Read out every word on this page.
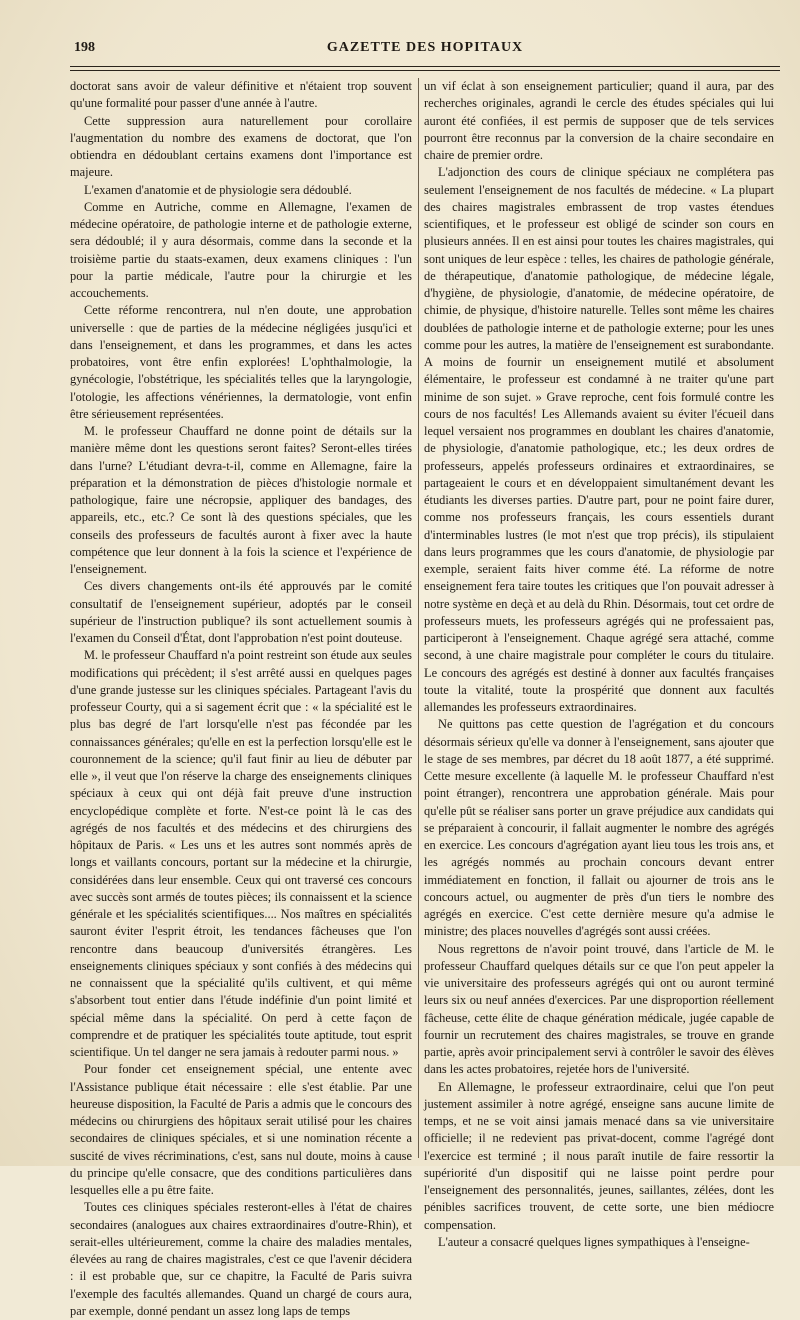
198	GAZETTE DES HOPITAUX

doctorat sans avoir de valeur définitive et n'étaient trop souvent qu'une formalité pour passer d'une année à l'autre.

Cette suppression aura naturellement pour corollaire l'augmentation du nombre des examens de doctorat, que l'on obtiendra en dédoublant certains examens dont l'importance est majeure.

L'examen d'anatomie et de physiologie sera dédoublé.

Comme en Autriche, comme en Allemagne, l'examen de médecine opératoire, de pathologie interne et de pathologie externe, sera dédoublé; il y aura désormais, comme dans la seconde et la troisième partie du staats-examen, deux examens cliniques : l'un pour la partie médicale, l'autre pour la chirurgie et les accouchements.

Cette réforme rencontrera, nul n'en doute, une approbation universelle : que de parties de la médecine négligées jusqu'ici et dans l'enseignement, et dans les programmes, et dans les actes probatoires, vont être enfin explorées! L'ophthalmologie, la gynécologie, l'obstétrique, les spécialités telles que la laryngologie, l'otologie, les affections vénériennes, la dermatologie, vont enfin être sérieusement représentées.

M. le professeur Chauffard ne donne point de détails sur la manière même dont les questions seront faites? Seront-elles tirées dans l'urne? L'étudiant devra-t-il, comme en Allemagne, faire la préparation et la démonstration de pièces d'histologie normale et pathologique, faire une nécropsie, appliquer des bandages, des appareils, etc., etc.? Ce sont là des questions spéciales, que les conseils des professeurs de facultés auront à fixer avec la haute compétence que leur donnent à la fois la science et l'expérience de l'enseignement.

Ces divers changements ont-ils été approuvés par le comité consultatif de l'enseignement supérieur, adoptés par le conseil supérieur de l'instruction publique? ils sont actuellement soumis à l'examen du Conseil d'État, dont l'approbation n'est point douteuse.

M. le professeur Chauffard n'a point restreint son étude aux seules modifications qui précèdent; il s'est arrêté aussi en quelques pages d'une grande justesse sur les cliniques spéciales. Partageant l'avis du professeur Courty, qui a si sagement écrit que : « la spécialité est le plus bas degré de l'art lorsqu'elle n'est pas fécondée par les connaissances générales; qu'elle en est la perfection lorsqu'elle est le couronnement de la science; qu'il faut finir au lieu de débuter par elle », il veut que l'on réserve la charge des enseignements cliniques spéciaux à ceux qui ont déjà fait preuve d'une instruction encyclopédique complète et forte. N'est-ce point là le cas des agrégés de nos facultés et des médecins et des chirurgiens des hôpitaux de Paris. « Les uns et les autres sont nommés après de longs et vaillants concours, portant sur la médecine et la chirurgie, considérées dans leur ensemble. Ceux qui ont traversé ces concours avec succès sont armés de toutes pièces; ils connaissent et la science générale et les spécialités scientifiques.... Nos maîtres en spécialités sauront éviter l'esprit étroit, les tendances fâcheuses que l'on rencontre dans beaucoup d'universités étrangères. Les enseignements cliniques spéciaux y sont confiés à des médecins qui ne connaissent que la spécialité qu'ils cultivent, et qui même s'absorbent tout entier dans l'étude indéfinie d'un point limité et spécial même dans la spécialité. On perd à cette façon de comprendre et de pratiquer les spécialités toute aptitude, tout esprit scientifique. Un tel danger ne sera jamais à redouter parmi nous. »

Pour fonder cet enseignement spécial, une entente avec l'Assistance publique était nécessaire : elle s'est établie. Par une heureuse disposition, la Faculté de Paris a admis que le concours des médecins ou chirurgiens des hôpitaux serait utilisé pour les chaires secondaires de cliniques spéciales, et si une nomination récente a suscité de vives récriminations, c'est, sans nul doute, moins à cause du principe qu'elle consacre, que des conditions particulières dans lesquelles elle a pu être faite.

Toutes ces cliniques spéciales resteront-elles à l'état de chaires secondaires (analogues aux chaires extraordinaires d'outre-Rhin), et serait-elles ultérieurement, comme la chaire des maladies mentales, élevées au rang de chaires magistrales, c'est ce que l'avenir décidera : il est probable que, sur ce chapitre, la Faculté de Paris suivra l'exemple des facultés allemandes. Quand un chargé de cours aura, par exemple, donné pendant un assez long laps de temps

un vif éclat à son enseignement particulier; quand il aura, par des recherches originales, agrandi le cercle des études spéciales qui lui auront été confiées, il est permis de supposer que de tels services pourront être reconnus par la conversion de la chaire secondaire en chaire de premier ordre.

L'adjonction des cours de clinique spéciaux ne complétera pas seulement l'enseignement de nos facultés de médecine. « La plupart des chaires magistrales embrassent de trop vastes étendues scientifiques, et le professeur est obligé de scinder son cours en plusieurs années. Il en est ainsi pour toutes les chaires magistrales, qui sont uniques de leur espèce : telles, les chaires de pathologie générale, de thérapeutique, d'anatomie pathologique, de médecine légale, d'hygiène, de physiologie, d'anatomie, de médecine opératoire, de chimie, de physique, d'histoire naturelle. Telles sont même les chaires doublées de pathologie interne et de pathologie externe; pour les unes comme pour les autres, la matière de l'enseignement est surabondante. A moins de fournir un enseignement mutilé et absolument élémentaire, le professeur est condamné à ne traiter qu'une part minime de son sujet. » Grave reproche, cent fois formulé contre les cours de nos facultés! Les Allemands avaient su éviter l'écueil dans lequel versaient nos programmes en doublant les chaires d'anatomie, de physiologie, d'anatomie pathologique, etc.; les deux ordres de professeurs, appelés professeurs ordinaires et extraordinaires, se partageaient le cours et en développaient simultanément devant les étudiants les diverses parties. D'autre part, pour ne point faire durer, comme nos professeurs français, les cours essentiels durant d'interminables lustres (le mot n'est que trop précis), ils stipulaient dans leurs programmes que les cours d'anatomie, de physiologie par exemple, seraient faits hiver comme été. La réforme de notre enseignement fera taire toutes les critiques que l'on pouvait adresser à notre système en deçà et au delà du Rhin. Désormais, tout cet ordre de professeurs muets, les professeurs agrégés qui ne professaient pas, participeront à l'enseignement. Chaque agrégé sera attaché, comme second, à une chaire magistrale pour compléter le cours du titulaire. Le concours des agrégés est destiné à donner aux facultés françaises toute la vitalité, toute la prospérité que donnent aux facultés allemandes les professeurs extraordinaires.

Ne quittons pas cette question de l'agrégation et du concours désormais sérieux qu'elle va donner à l'enseignement, sans ajouter que le stage de ses membres, par décret du 18 août 1877, a été supprimé. Cette mesure excellente (à laquelle M. le professeur Chauffard n'est point étranger), rencontrera une approbation générale. Mais pour qu'elle pût se réaliser sans porter un grave préjudice aux candidats qui se préparaient à concourir, il fallait augmenter le nombre des agrégés en exercice. Les concours d'agrégation ayant lieu tous les trois ans, et les agrégés nommés au prochain concours devant entrer immédiatement en fonction, il fallait ou ajourner de trois ans le concours actuel, ou augmenter de près d'un tiers le nombre des agrégés en exercice. C'est cette dernière mesure qu'a admise le ministre; des places nouvelles d'agrégés sont aussi créées.

Nous regrettons de n'avoir point trouvé, dans l'article de M. le professeur Chauffard quelques détails sur ce que l'on peut appeler la vie universitaire des professeurs agrégés qui ont ou auront terminé leurs six ou neuf années d'exercices. Par une disproportion réellement fâcheuse, cette élite de chaque génération médicale, jugée capable de fournir un recrutement des chaires magistrales, se trouve en grande partie, après avoir principalement servi à contrôler le savoir des élèves dans les actes probatoires, rejetée hors de l'université.

En Allemagne, le professeur extraordinaire, celui que l'on peut justement assimiler à notre agrégé, enseigne sans aucune limite de temps, et ne se voit ainsi jamais menacé dans sa vie universitaire officielle; il ne redevient pas privat-docent, comme l'agrégé dont l'exercice est terminé ; il nous paraît inutile de faire ressortir la supériorité d'un dispositif qui ne laisse point perdre pour l'enseignement des personnalités, jeunes, saillantes, zélées, dont les pénibles sacrifices trouvent, de cette sorte, une bien médiocre compensation.

L'auteur a consacré quelques lignes sympathiques à l'enseigne-
